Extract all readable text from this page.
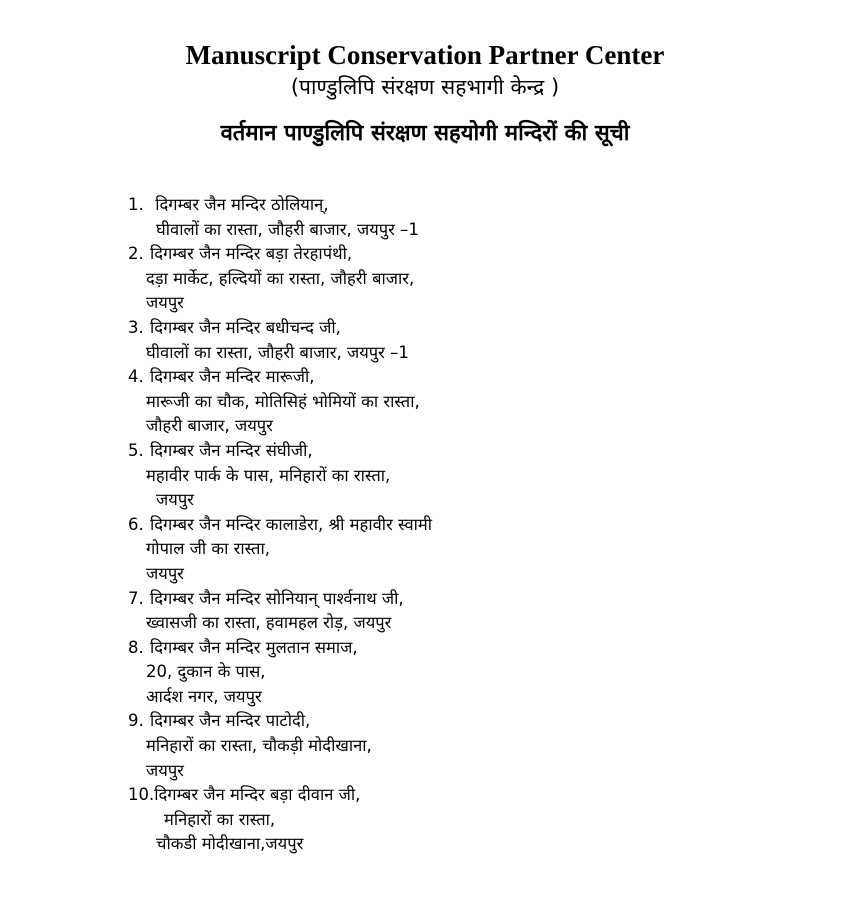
Manuscript Conservation Partner Center
(पाण्डुलिपि संरक्षण सहभागी केन्द्र )
वर्तमान पाण्डुलिपि संरक्षण सहयोगी मन्दिरों की सूची
1. दिगम्बर जैन मन्दिर ठोलियान्,
घीवालों का रास्ता, जौहरी बाजार, जयपुर –1
2. दिगम्बर जैन मन्दिर बड़ा तेरहापंथी,
दड़ा मार्केट, हल्दियों का रास्ता, जौहरी बाजार,
जयपुर
3. दिगम्बर जैन मन्दिर बधीचन्द जी,
घीवालों का रास्ता, जौहरी बाजार, जयपुर –1
4. दिगम्बर जैन मन्दिर मारूजी,
मारूजी का चौक, मोतिसिहं भोमियों का रास्ता,
जौहरी बाजार, जयपुर
5. दिगम्बर जैन मन्दिर संघीजी,
महावीर पार्क के पास, मनिहारों का रास्ता,
जयपुर
6. दिगम्बर जैन मन्दिर कालाडेरा, श्री महावीर स्वामी
गोपाल जी का रास्ता,
जयपुर
7. दिगम्बर जैन मन्दिर सोनियान् पार्श्वनाथ जी,
ख्वासजी का रास्ता, हवामहल रोड़, जयपुर
8. दिगम्बर जैन मन्दिर मुलतान समाज,
20, दुकान के पास,
आर्दश नगर, जयपुर
9. दिगम्बर जैन मन्दिर पाटोदी,
मनिहारों का रास्ता, चौकड़ी मोदीखाना,
जयपुर
10.दिगम्बर जैन मन्दिर बड़ा दीवान जी,
मनिहारों का रास्ता,
चौकडी मोदीखाना,जयपुर
